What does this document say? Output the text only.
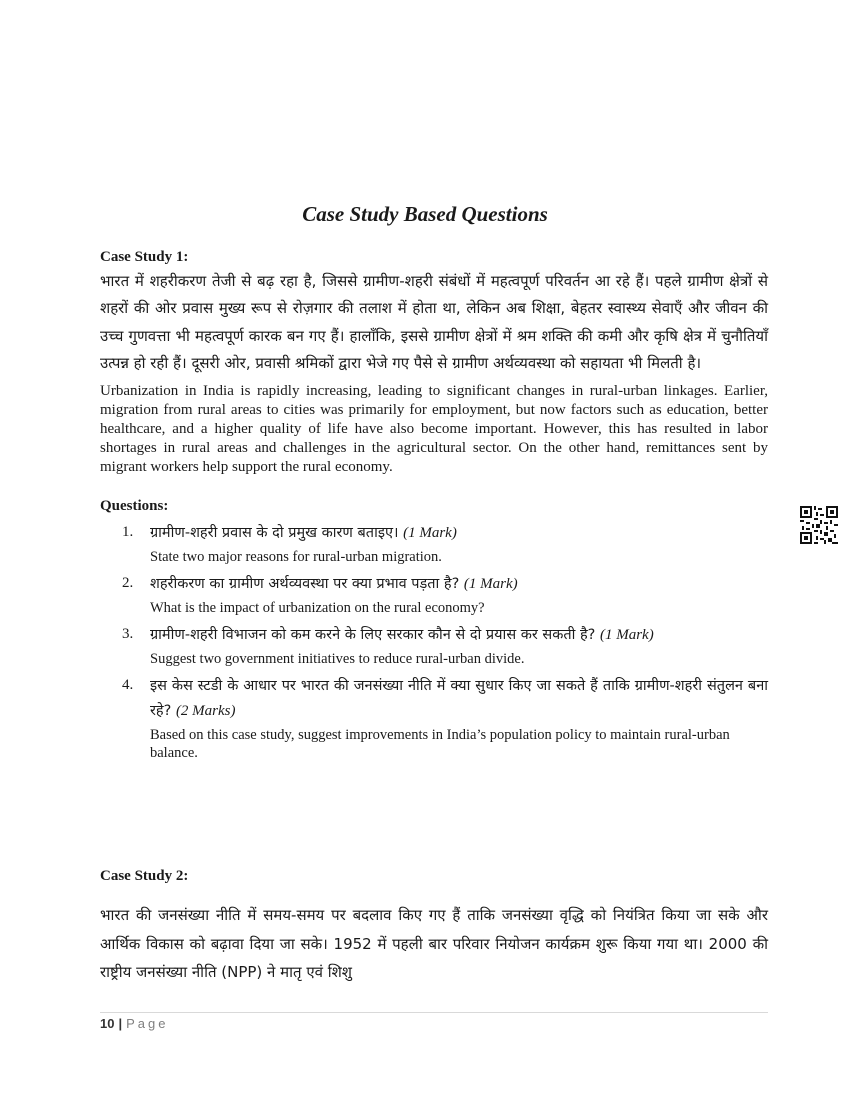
Case Study Based Questions

Case Study 1:

भारत में शहरीकरण तेजी से बढ़ रहा है, जिससे ग्रामीण-शहरी संबंधों में महत्वपूर्ण परिवर्तन आ रहे हैं। पहले ग्रामीण क्षेत्रों से शहरों की ओर प्रवास मुख्य रूप से रोज़गार की तलाश में होता था, लेकिन अब शिक्षा, बेहतर स्वास्थ्य सेवाएँ और जीवन की उच्च गुणवत्ता भी महत्वपूर्ण कारक बन गए हैं। हालाँकि, इससे ग्रामीण क्षेत्रों में श्रम शक्ति की कमी और कृषि क्षेत्र में चुनौतियाँ उत्पन्न हो रही हैं। दूसरी ओर, प्रवासी श्रमिकों द्वारा भेजे गए पैसे से ग्रामीण अर्थव्यवस्था को सहायता भी मिलती है।

Urbanization in India is rapidly increasing, leading to significant changes in rural-urban linkages. Earlier, migration from rural areas to cities was primarily for employment, but now factors such as education, better healthcare, and a higher quality of life have also become important. However, this has resulted in labor shortages in rural areas and challenges in the agricultural sector. On the other hand, remittances sent by migrant workers help support the rural economy.

Questions:

1. ग्रामीण-शहरी प्रवास के दो प्रमुख कारण बताइए। (1 Mark)

State two major reasons for rural-urban migration.

2. शहरीकरण का ग्रामीण अर्थव्यवस्था पर क्या प्रभाव पड़ता है? (1 Mark)

What is the impact of urbanization on the rural economy?

3. ग्रामीण-शहरी विभाजन को कम करने के लिए सरकार कौन से दो प्रयास कर सकती है? (1 Mark)

Suggest two government initiatives to reduce rural-urban divide.

4. इस केस स्टडी के आधार पर भारत की जनसंख्या नीति में क्या सुधार किए जा सकते हैं ताकि ग्रामीण-शहरी संतुलन बना रहे? (2 Marks)

Based on this case study, suggest improvements in India’s population policy to maintain rural-urban balance.

Case Study 2:

भारत की जनसंख्या नीति में समय-समय पर बदलाव किए गए हैं ताकि जनसंख्या वृद्धि को नियंत्रित किया जा सके और आर्थिक विकास को बढ़ावा दिया जा सके। 1952 में पहली बार परिवार नियोजन कार्यक्रम शुरू किया गया था। 2000 की राष्ट्रीय जनसंख्या नीति (NPP) ने मातृ एवं शिशु

10 | Page
